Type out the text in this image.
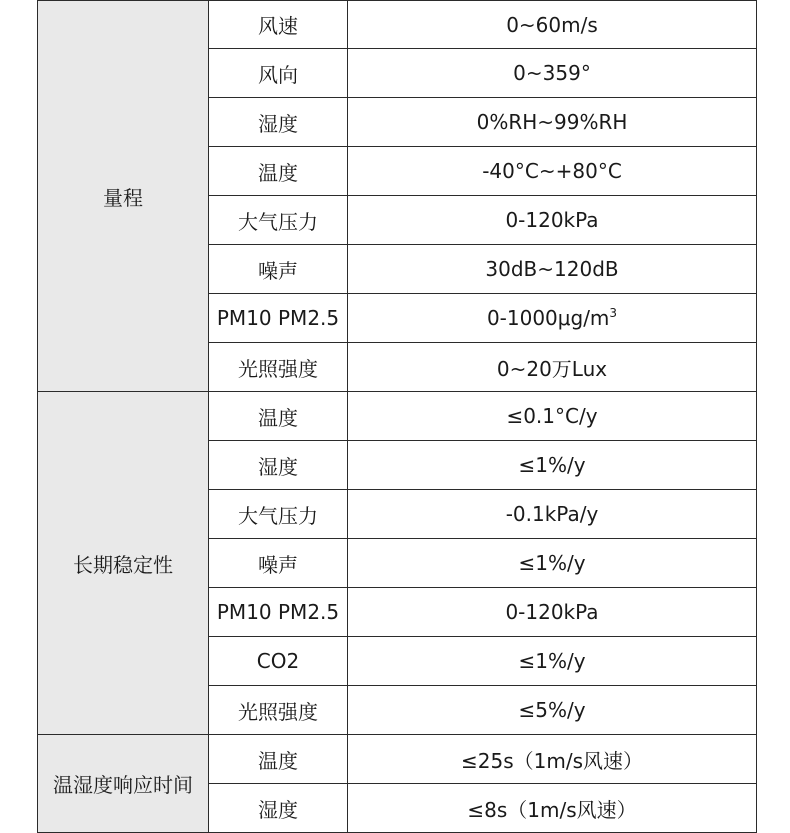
量程	风速	0~60m/s
	风向	0~359°
	湿度	0%RH~99%RH
	温度	-40°C~+80°C
	大气压力	0-120kPa
	噪声	30dB~120dB
	PM10 PM2.5	$0-1000\mu g/m^3$
	光照强度	0~20万Lux
长期稳定性	温度	≤0.1°C/y
	湿度	≤1%/y
	大气压力	-0.1kPa/y
	噪声	≤1%/y
	PM10 PM2.5	0-120kPa
	CO2	≤1%/y
	光照强度	≤5%/y
温湿度响应时间	温度	≤25s（1m/s风速）
	湿度	≤8s（1m/s风速）
